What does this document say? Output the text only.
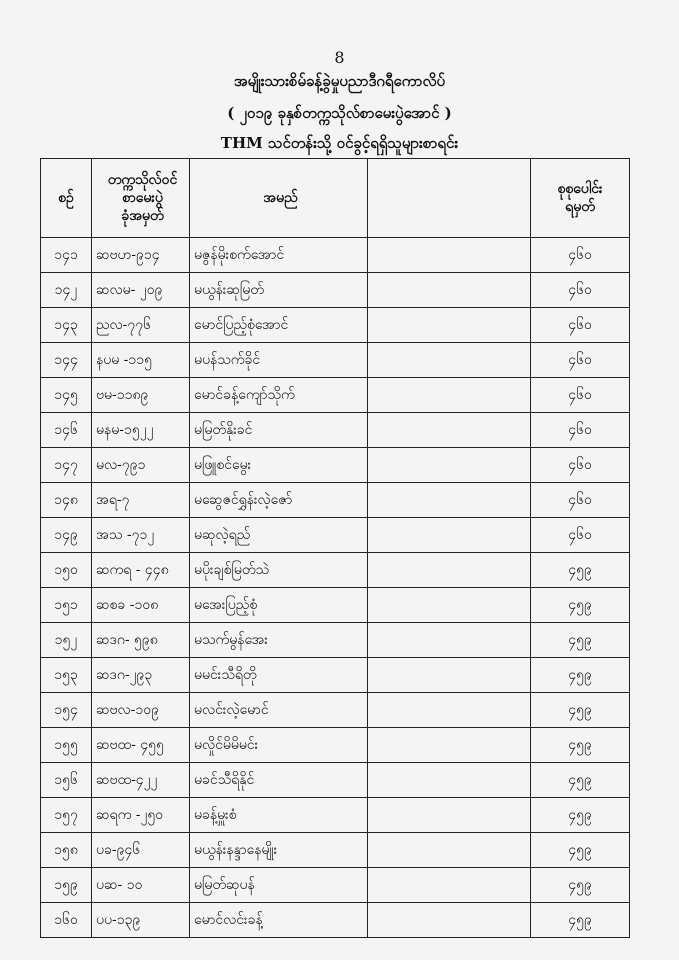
8
အမျိုးသားစိမ်ခန့်ခွဲမှုပညာဒီဂရီကောလိပ်
( ၂၀၁၉ ခုနှစ်တက္ကသိုလ်စာမေးပွဲအောင် )
THM သင်တန်းသို့ ဝင်ခွင့်ရရှိသူများစာရင်း
စဉ်	တက္ကသိုလ်ဝင်
စာမေးပွဲ
ခုံအမှတ်	အမည်		စုစုပေါင်း
ရမှတ်

၁၄၁	ဆဗဟ-၉၁၄	မဇွန်မိုးစက်အောင်		၄၆၀
၁၄၂	ဆလမ- ၂၀၉	မယွန်းဆုမြတ်		၄၆၀
၁၄၃	ညလ-၇၇၆	မောင်ပြည့်စုံအောင်		၄၆၀
၁၄၄	နပမ -၁၁၅	မပန်သက်ခိုင်		၄၆၀
၁၄၅	ဗမ-၁၁၈၉	မောင်ခန့်ကျော်သိုက်		၄၆၀
၁၄၆	မနမ-၁၅၂၂	မမြတ်နိုးခင်		၄၆၀
၁၄၇	မလ-၇၉၁	မဖြူစင်မွေး		၄၆၀
၁၄၈	အရ-၇	မဆွေဇင်ရွှန်းလဲ့ဇော်		၄၆၀
၁၄၉	အသ -၇၁၂	မဆုလဲ့ရည်		၄၆၀
၁၅၀	ဆကရ - ၄၄၈	မပိုးချစ်မြတ်သဲ		၄၅၉
၁၅၁	ဆစခ -၁၀၈	မအေးပြည့်စုံ		၄၅၉
၁၅၂	ဆဒဂ- ၅၉၈	မသက်မွန်အေး		၄၅၉
၁၅၃	ဆဒဂ-၂၉၃	မမင်းသီရိတို		၄၅၉
၁၅၄	ဆဗလ-၁၀၉	မလင်းလဲ့မောင်		၄၅၉
၁၅၅	ဆဗထ- ၄၅၅	မလှိုင်မိမိမင်း		၄၅၉
၁၅၆	ဆဗထ-၄၂၂	မခင်သီရိနိုင်		၄၅၉
၁၅၇	ဆရက -၂၅၀	မခန့်မှူးစံ		၄၅၉
၁၅၈	ပခ-၉၄၆	မယွန်းနန္ဒာနေမျိုး		၄၅၉
၁၅၉	ပဆ- ၁၀	မမြတ်ဆုပန်		၄၅၉
၁၆၀	ပပ-၁၃၉	မောင်လင်းခန့်		၄၅၉
